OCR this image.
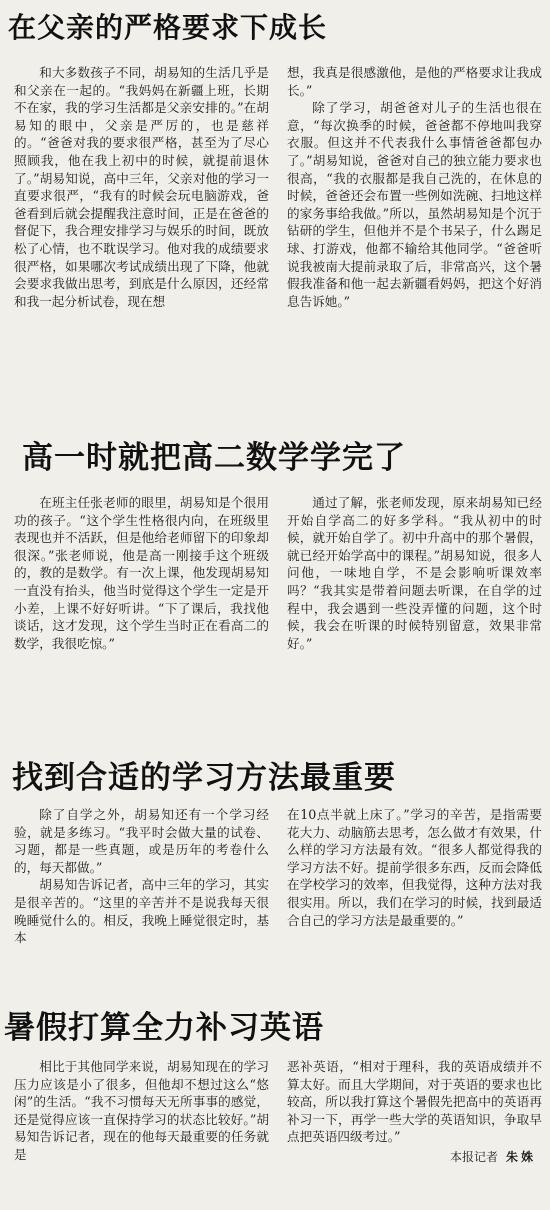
在父亲的严格要求下成长

和大多数孩子不同，胡易知的生活几乎是和父亲在一起的。“我妈妈在新疆上班，长期不在家，我的学习生活都是父亲安排的。”在胡易知的眼中，父亲是严厉的，也是慈祥的。“爸爸对我的要求很严格，甚至为了尽心照顾我，他在我上初中的时候，就提前退休了。”胡易知说，高中三年，父亲对他的学习一直要求很严，“我有的时候会玩电脑游戏，爸爸看到后就会提醒我注意时间，正是在爸爸的督促下，我合理安排学习与娱乐的时间，既放松了心情，也不耽误学习。他对我的成绩要求很严格，如果哪次考试成绩出现了下降，他就会要求我做出思考，到底是什么原因，还经常和我一起分析试卷，现在想

想，我真是很感激他，是他的严格要求让我成长。”

除了学习，胡爸爸对儿子的生活也很在意，“每次换季的时候，爸爸都不停地叫我穿衣服。但这并不代表我什么事情爸爸都包办了。”胡易知说，爸爸对自己的独立能力要求也很高，“我的衣服都是我自己洗的，在休息的时候，爸爸还会布置一些例如洗碗、扫地这样的家务事给我做。”所以，虽然胡易知是个沉于钻研的学生，但他并不是个书呆子，什么踢足球、打游戏，他都不输给其他同学。“爸爸听说我被南大提前录取了后，非常高兴，这个暑假我准备和他一起去新疆看妈妈，把这个好消息告诉她。”

高一时就把高二数学学完了

在班主任张老师的眼里，胡易知是个很用功的孩子。“这个学生性格很内向，在班级里表现也并不活跃，但是他给老师留下的印象却很深。”张老师说，他是高一刚接手这个班级的，教的是数学。有一次上课，他发现胡易知一直没有抬头，他当时觉得这个学生一定是开小差，上课不好好听讲。“下了课后，我找他谈话，这才发现，这个学生当时正在看高二的数学，我很吃惊。”

通过了解，张老师发现，原来胡易知已经开始自学高二的好多学科。“我从初中的时候，就开始自学了。初中升高中的那个暑假，就已经开始学高中的课程。”胡易知说，很多人问他，一味地自学，不是会影响听课效率吗？“我其实是带着问题去听课，在自学的过程中，我会遇到一些没弄懂的问题，这个时候，我会在听课的时候特别留意，效果非常好。”

找到合适的学习方法最重要

除了自学之外，胡易知还有一个学习经验，就是多练习。“我平时会做大量的试卷、习题，都是一些真题，或是历年的考卷什么的，每天都做。”

胡易知告诉记者，高中三年的学习，其实是很辛苦的。“这里的辛苦并不是说我每天很晚睡觉什么的。相反，我晚上睡觉很定时，基本

在10点半就上床了。”学习的辛苦，是指需要花大力、动脑筋去思考，怎么做才有效果，什么样的学习方法最有效。“很多人都觉得我的学习方法不好。提前学很多东西，反而会降低在学校学习的效率，但我觉得，这种方法对我很实用。所以，我们在学习的时候，找到最适合自己的学习方法是最重要的。”

暑假打算全力补习英语

相比于其他同学来说，胡易知现在的学习压力应该是小了很多，但他却不想过这么“悠闲”的生活。“我不习惯每天无所事事的感觉，还是觉得应该一直保持学习的状态比较好。”胡易知告诉记者，现在的他每天最重要的任务就是

恶补英语，“相对于理科，我的英语成绩并不算太好。而且大学期间，对于英语的要求也比较高，所以我打算这个暑假先把高中的英语再补习一下，再学一些大学的英语知识，争取早点把英语四级考过。”

本报记者 朱姝
